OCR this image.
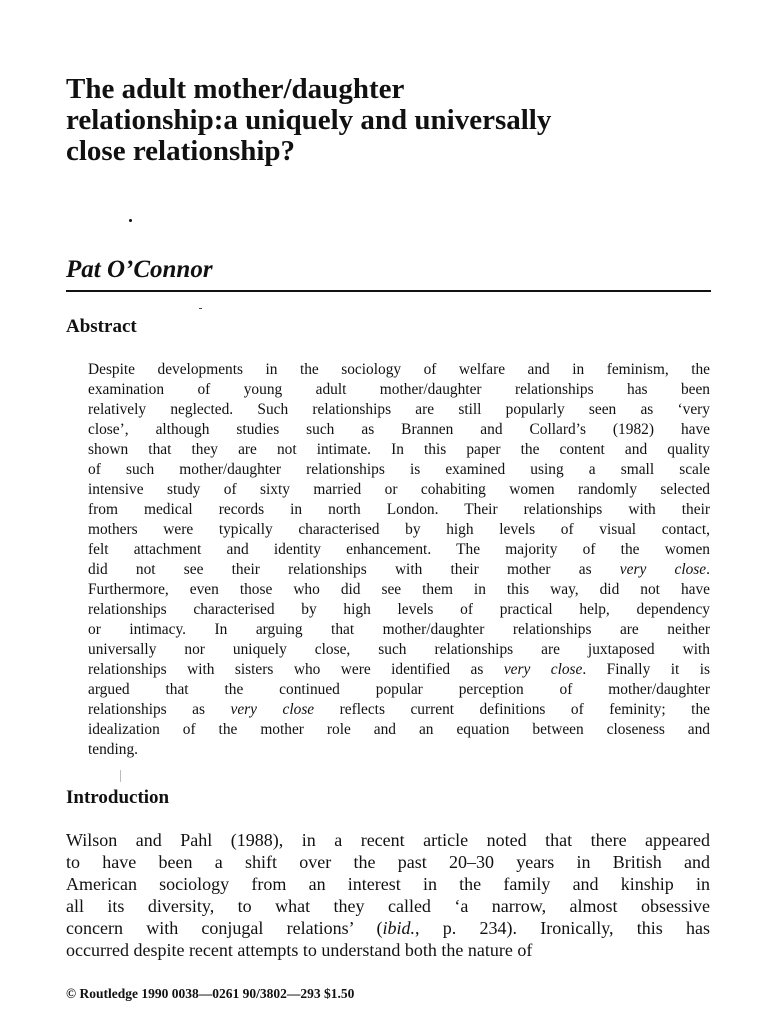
The adult mother/daughter
relationship:a uniquely and universally
close relationship?
Pat O’Connor
Abstract
Despite developments in the sociology of welfare and in feminism, the
examination of young adult mother/daughter relationships has been
relatively neglected. Such relationships are still popularly seen as ‘very
close’, although studies such as Brannen and Collard’s (1982) have
shown that they are not intimate. In this paper the content and quality
of such mother/daughter relationships is examined using a small scale
intensive study of sixty married or cohabiting women randomly selected
from medical records in north London. Their relationships with their
mothers were typically characterised by high levels of visual contact,
felt attachment and identity enhancement. The majority of the women
did not see their relationships with their mother as very close.
Furthermore, even those who did see them in this way, did not have
relationships characterised by high levels of practical help, dependency
or intimacy. In arguing that mother/daughter relationships are neither
universally nor uniquely close, such relationships are juxtaposed with
relationships with sisters who were identified as very close. Finally it is
argued that the continued popular perception of mother/daughter
relationships as very close reflects current definitions of feminity; the
idealization of the mother role and an equation between closeness and
tending.
Introduction
Wilson and Pahl (1988), in a recent article noted that there appeared
to have been a shift over the past 20–30 years in British and
American sociology from an interest in the family and kinship in
all its diversity, to what they called ‘a narrow, almost obsessive
concern with conjugal relations’ (ibid., p. 234). Ironically, this has
occurred despite recent attempts to understand both the nature of
© Routledge 1990 0038—0261 90/3802—293 $1.50
